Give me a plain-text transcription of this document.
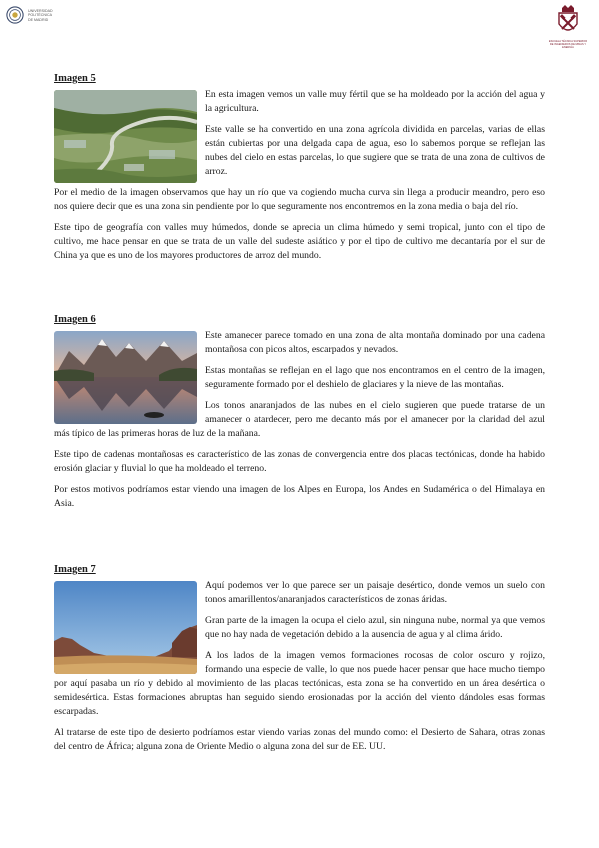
UNIVERSIDAD
POLITÉCNICA
DE MADRID
ESCUELA TÉCNICA SUPERIOR
DE INGENIEROS DE MINAS Y ENERGÍA
Imagen 5

En esta imagen vemos un valle muy fértil que se ha moldeado por la acción del agua y la agricultura.

Este valle se ha convertido en una zona agrícola dividida en parcelas, varias de ellas están cubiertas por una delgada capa de agua, eso lo sabemos porque se reflejan las nubes del cielo en estas parcelas, lo que sugiere que se trata de una zona de cultivos de arroz.

Por el medio de la imagen observamos que hay un río que va cogiendo mucha curva sin llega a producir meandro, pero eso nos quiere decir que es una zona sin pendiente por lo que seguramente nos encontremos en la zona media o baja del río.

Este tipo de geografía con valles muy húmedos, donde se aprecia un clima húmedo y semi tropical, junto con el tipo de cultivo, me hace pensar en que se trata de un valle del sudeste asiático y por el tipo de cultivo me decantaría por el sur de China ya que es uno de los mayores productores de arroz del mundo.

Imagen 6

Este amanecer parece tomado en una zona de alta montaña dominado por una cadena montañosa con picos altos, escarpados y nevados.

Estas montañas se reflejan en el lago que nos encontramos en el centro de la imagen, seguramente formado por el deshielo de glaciares y la nieve de las montañas.

Los tonos anaranjados de las nubes en el cielo sugieren que puede tratarse de un amanecer o atardecer, pero me decanto más por el amanecer por la claridad del azul más típico de las primeras horas de luz de la mañana.

Este tipo de cadenas montañosas es característico de las zonas de convergencia entre dos placas tectónicas, donde ha habido erosión glaciar y fluvial lo que ha moldeado el terreno.

Por estos motivos podríamos estar viendo una imagen de los Alpes en Europa, los Andes en Sudamérica o del Himalaya en Asia.

Imagen 7

Aquí podemos ver lo que parece ser un paisaje desértico, donde vemos un suelo con tonos amarillentos/anaranjados característicos de zonas áridas.

Gran parte de la imagen la ocupa el cielo azul, sin ninguna nube, normal ya que vemos que no hay nada de vegetación debido a la ausencia de agua y al clima árido.

A los lados de la imagen vemos formaciones rocosas de color oscuro y rojizo, formando una especie de valle, lo que nos puede hacer pensar que hace mucho tiempo por aquí pasaba un río y debido al movimiento de las placas tectónicas, esta zona se ha convertido en un área desértica o semidesértica. Estas formaciones abruptas han seguido siendo erosionadas por la acción del viento dándoles esas formas escarpadas.

Al tratarse de este tipo de desierto podríamos estar viendo varias zonas del mundo como: el Desierto de Sahara, otras zonas del centro de África; alguna zona de Oriente Medio o alguna zona del sur de EE. UU.
